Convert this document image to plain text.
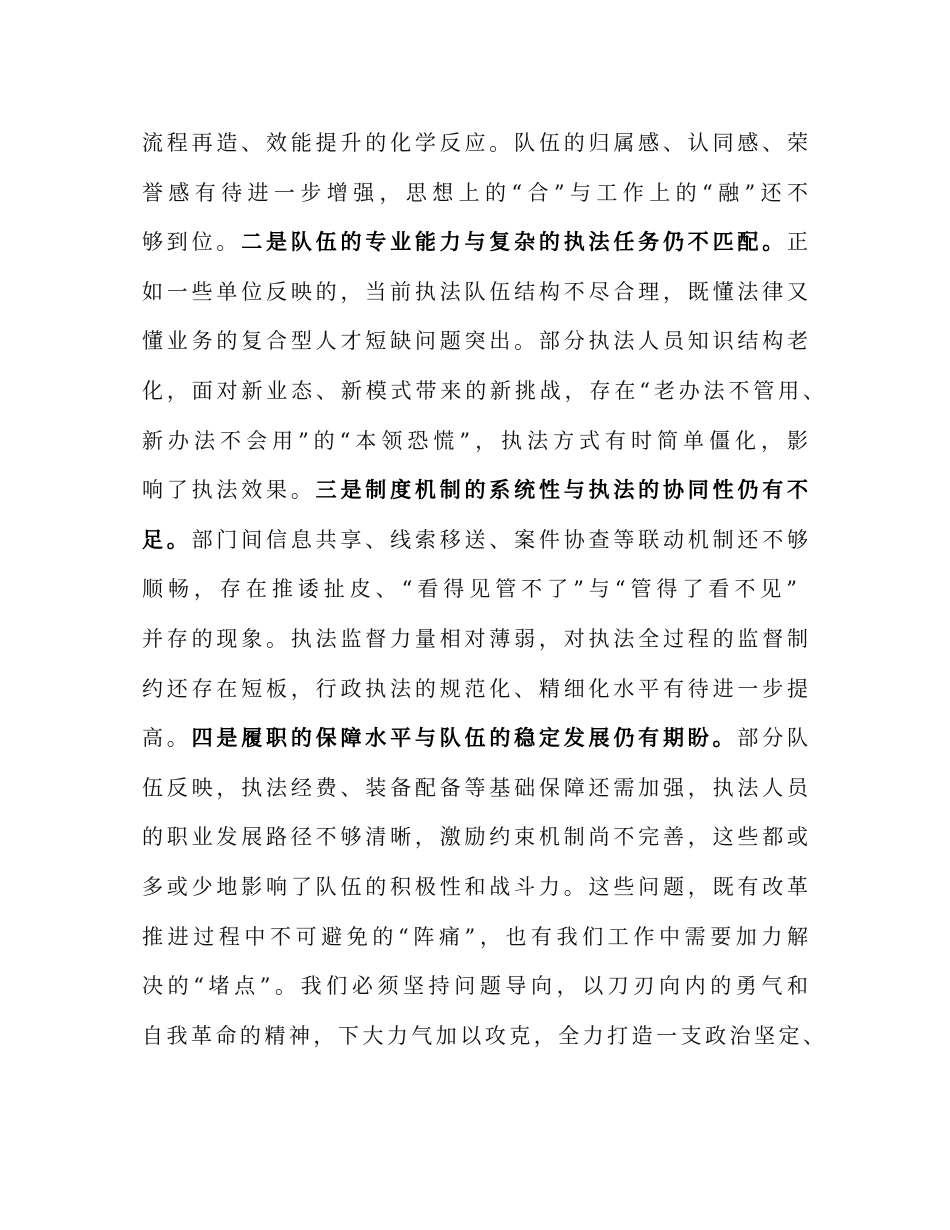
流程再造、效能提升的化学反应。队伍的归属感、认同感、荣
誉感有待进一步增强，思想上的“合”与工作上的“融”还不
够到位。二是队伍的专业能力与复杂的执法任务仍不匹配。正
如一些单位反映的，当前执法队伍结构不尽合理，既懂法律又
懂业务的复合型人才短缺问题突出。部分执法人员知识结构老
化，面对新业态、新模式带来的新挑战，存在“老办法不管用、
新办法不会用”的“本领恐慌”，执法方式有时简单僵化，影
响了执法效果。三是制度机制的系统性与执法的协同性仍有不
足。部门间信息共享、线索移送、案件协查等联动机制还不够
顺畅，存在推诿扯皮、“看得见管不了”与“管得了看不见”
并存的现象。执法监督力量相对薄弱，对执法全过程的监督制
约还存在短板，行政执法的规范化、精细化水平有待进一步提
高。四是履职的保障水平与队伍的稳定发展仍有期盼。部分队
伍反映，执法经费、装备配备等基础保障还需加强，执法人员
的职业发展路径不够清晰，激励约束机制尚不完善，这些都或
多或少地影响了队伍的积极性和战斗力。这些问题，既有改革
推进过程中不可避免的“阵痛”，也有我们工作中需要加力解
决的“堵点”。我们必须坚持问题导向，以刀刃向内的勇气和
自我革命的精神，下大力气加以攻克，全力打造一支政治坚定、
